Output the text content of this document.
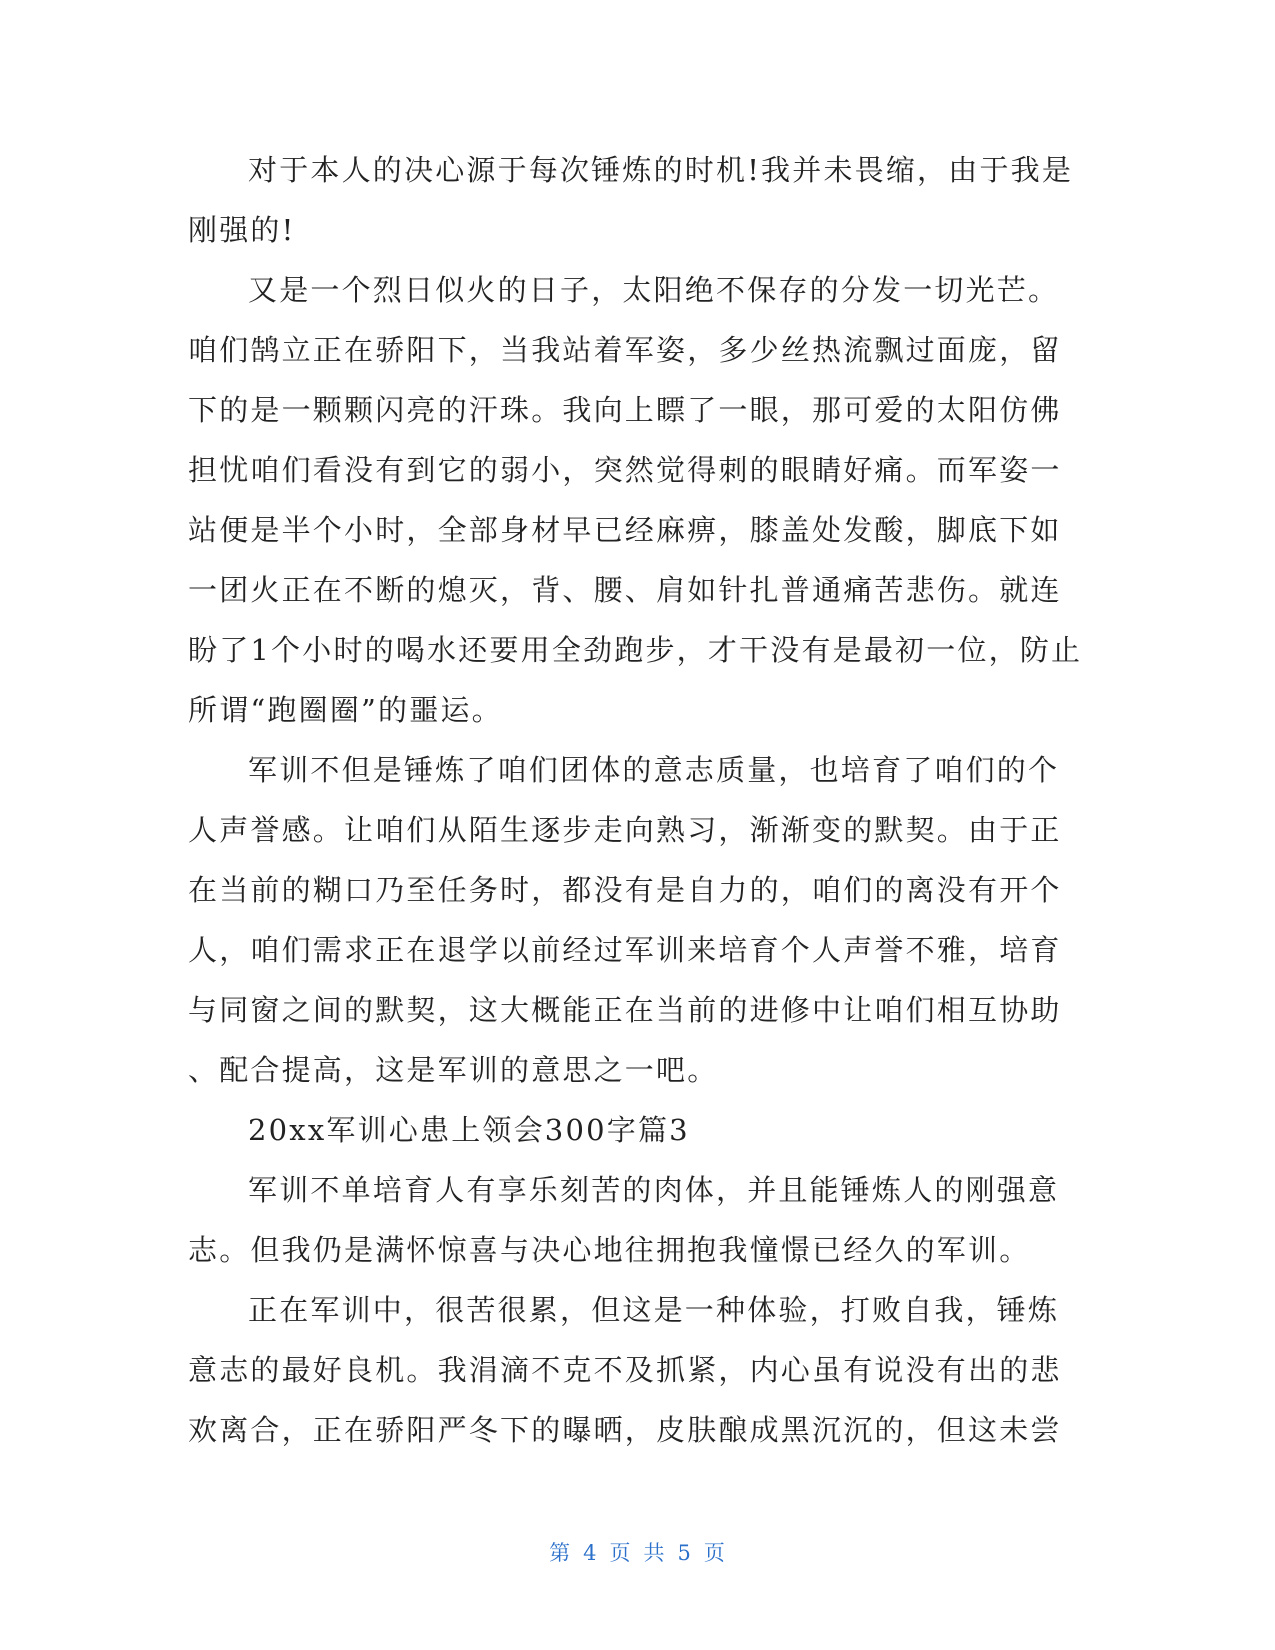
对于本人的决心源于每次锤炼的时机!我并未畏缩，由于我是
刚强的!
又是一个烈日似火的日子，太阳绝不保存的分发一切光芒。
咱们鹄立正在骄阳下，当我站着军姿，多少丝热流飘过面庞，留
下的是一颗颗闪亮的汗珠。我向上瞟了一眼，那可爱的太阳仿佛
担忧咱们看没有到它的弱小，突然觉得刺的眼睛好痛。而军姿一
站便是半个小时，全部身材早已经麻痹，膝盖处发酸，脚底下如
一团火正在不断的熄灭，背、腰、肩如针扎普通痛苦悲伤。就连
盼了1个小时的喝水还要用全劲跑步，才干没有是最初一位，防止
所谓“跑圈圈”的噩运。
军训不但是锤炼了咱们团体的意志质量，也培育了咱们的个
人声誉感。让咱们从陌生逐步走向熟习，渐渐变的默契。由于正
在当前的糊口乃至任务时，都没有是自力的，咱们的离没有开个
人，咱们需求正在退学以前经过军训来培育个人声誉不雅，培育
与同窗之间的默契，这大概能正在当前的进修中让咱们相互协助
、配合提高，这是军训的意思之一吧。
20xx军训心患上领会300字篇3
军训不单培育人有享乐刻苦的肉体，并且能锤炼人的刚强意
志。但我仍是满怀惊喜与决心地往拥抱我憧憬已经久的军训。
正在军训中，很苦很累，但这是一种体验，打败自我，锤炼
意志的最好良机。我涓滴不克不及抓紧，内心虽有说没有出的悲
欢离合，正在骄阳严冬下的曝晒，皮肤酿成黑沉沉的，但这未尝
第 4 页 共 5 页
